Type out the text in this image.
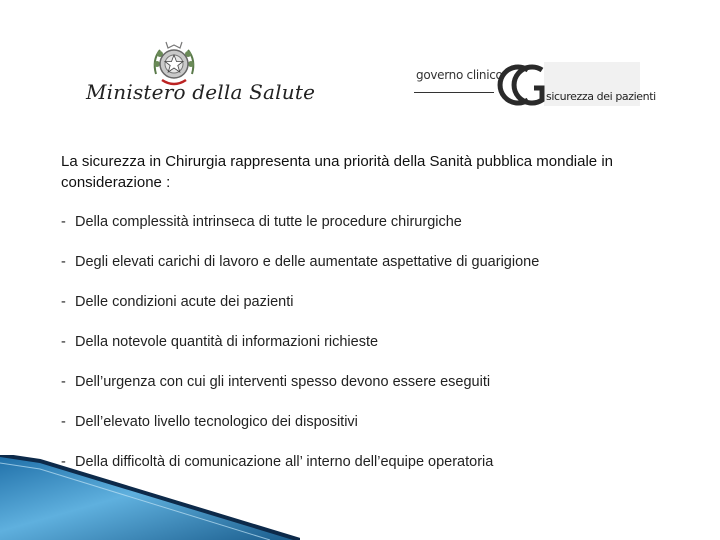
Ministero della Salute
governo clinico
sicurezza dei pazienti
La sicurezza in Chirurgia rappresenta una priorità della Sanità pubblica mondiale in considerazione :
- Della complessità intrinseca di tutte le procedure chirurgiche
- Degli elevati carichi di lavoro e delle aumentate aspettative di guarigione
- Delle condizioni acute dei pazienti
- Della notevole quantità di informazioni richieste
- Dell’urgenza con cui gli interventi spesso devono essere eseguiti
- Dell’elevato livello tecnologico dei dispositivi
- Della difficoltà di comunicazione all’ interno dell’equipe operatoria
